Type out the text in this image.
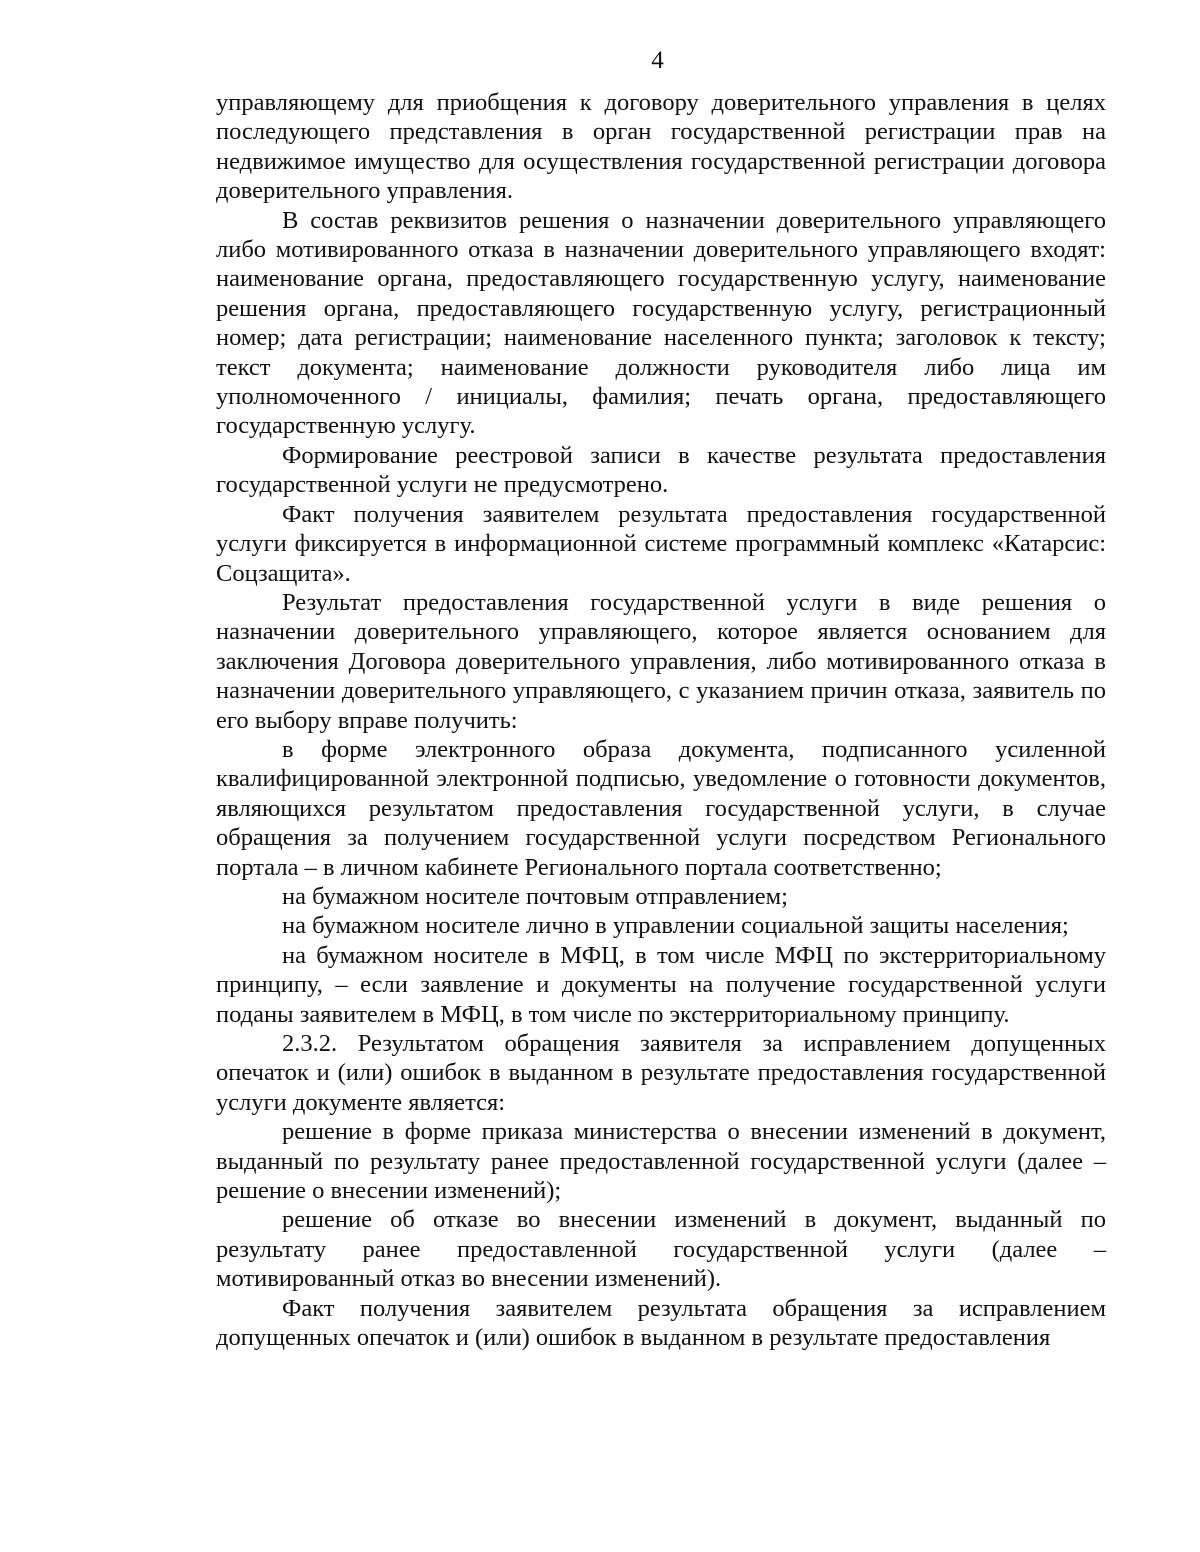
4

управляющему для приобщения к договору доверительного управления в целях последующего представления в орган государственной регистрации прав на недвижимое имущество для осуществления государственной регистрации договора доверительного управления.

В состав реквизитов решения о назначении доверительного управляющего либо мотивированного отказа в назначении доверительного управляющего входят: наименование органа, предоставляющего государственную услугу, наименование решения органа, предоставляющего государственную услугу, регистрационный номер; дата регистрации; наименование населенного пункта; заголовок к тексту; текст документа; наименование должности руководителя либо лица им уполномоченного / инициалы, фамилия; печать органа, предоставляющего государственную услугу.

Формирование реестровой записи в качестве результата предоставления государственной услуги не предусмотрено.

Факт получения заявителем результата предоставления государственной услуги фиксируется в информационной системе программный комплекс «Катарсис: Соцзащита».

Результат предоставления государственной услуги в виде решения о назначении доверительного управляющего, которое является основанием для заключения Договора доверительного управления, либо мотивированного отказа в назначении доверительного управляющего, с указанием причин отказа, заявитель по его выбору вправе получить:

в форме электронного образа документа, подписанного усиленной квалифицированной электронной подписью, уведомление о готовности документов, являющихся результатом предоставления государственной услуги, в случае обращения за получением государственной услуги посредством Регионального портала – в личном кабинете Регионального портала соответственно;

на бумажном носителе почтовым отправлением;

на бумажном носителе лично в управлении социальной защиты населения;

на бумажном носителе в МФЦ, в том числе МФЦ по экстерриториальному принципу, – если заявление и документы на получение государственной услуги поданы заявителем в МФЦ, в том числе по экстерриториальному принципу.

2.3.2. Результатом обращения заявителя за исправлением допущенных опечаток и (или) ошибок в выданном в результате предоставления государственной услуги документе является:

решение в форме приказа министерства о внесении изменений в документ, выданный по результату ранее предоставленной государственной услуги (далее – решение о внесении изменений);

решение об отказе во внесении изменений в документ, выданный по результату ранее предоставленной государственной услуги (далее – мотивированный отказ во внесении изменений).

Факт получения заявителем результата обращения за исправлением допущенных опечаток и (или) ошибок в выданном в результате предоставления
